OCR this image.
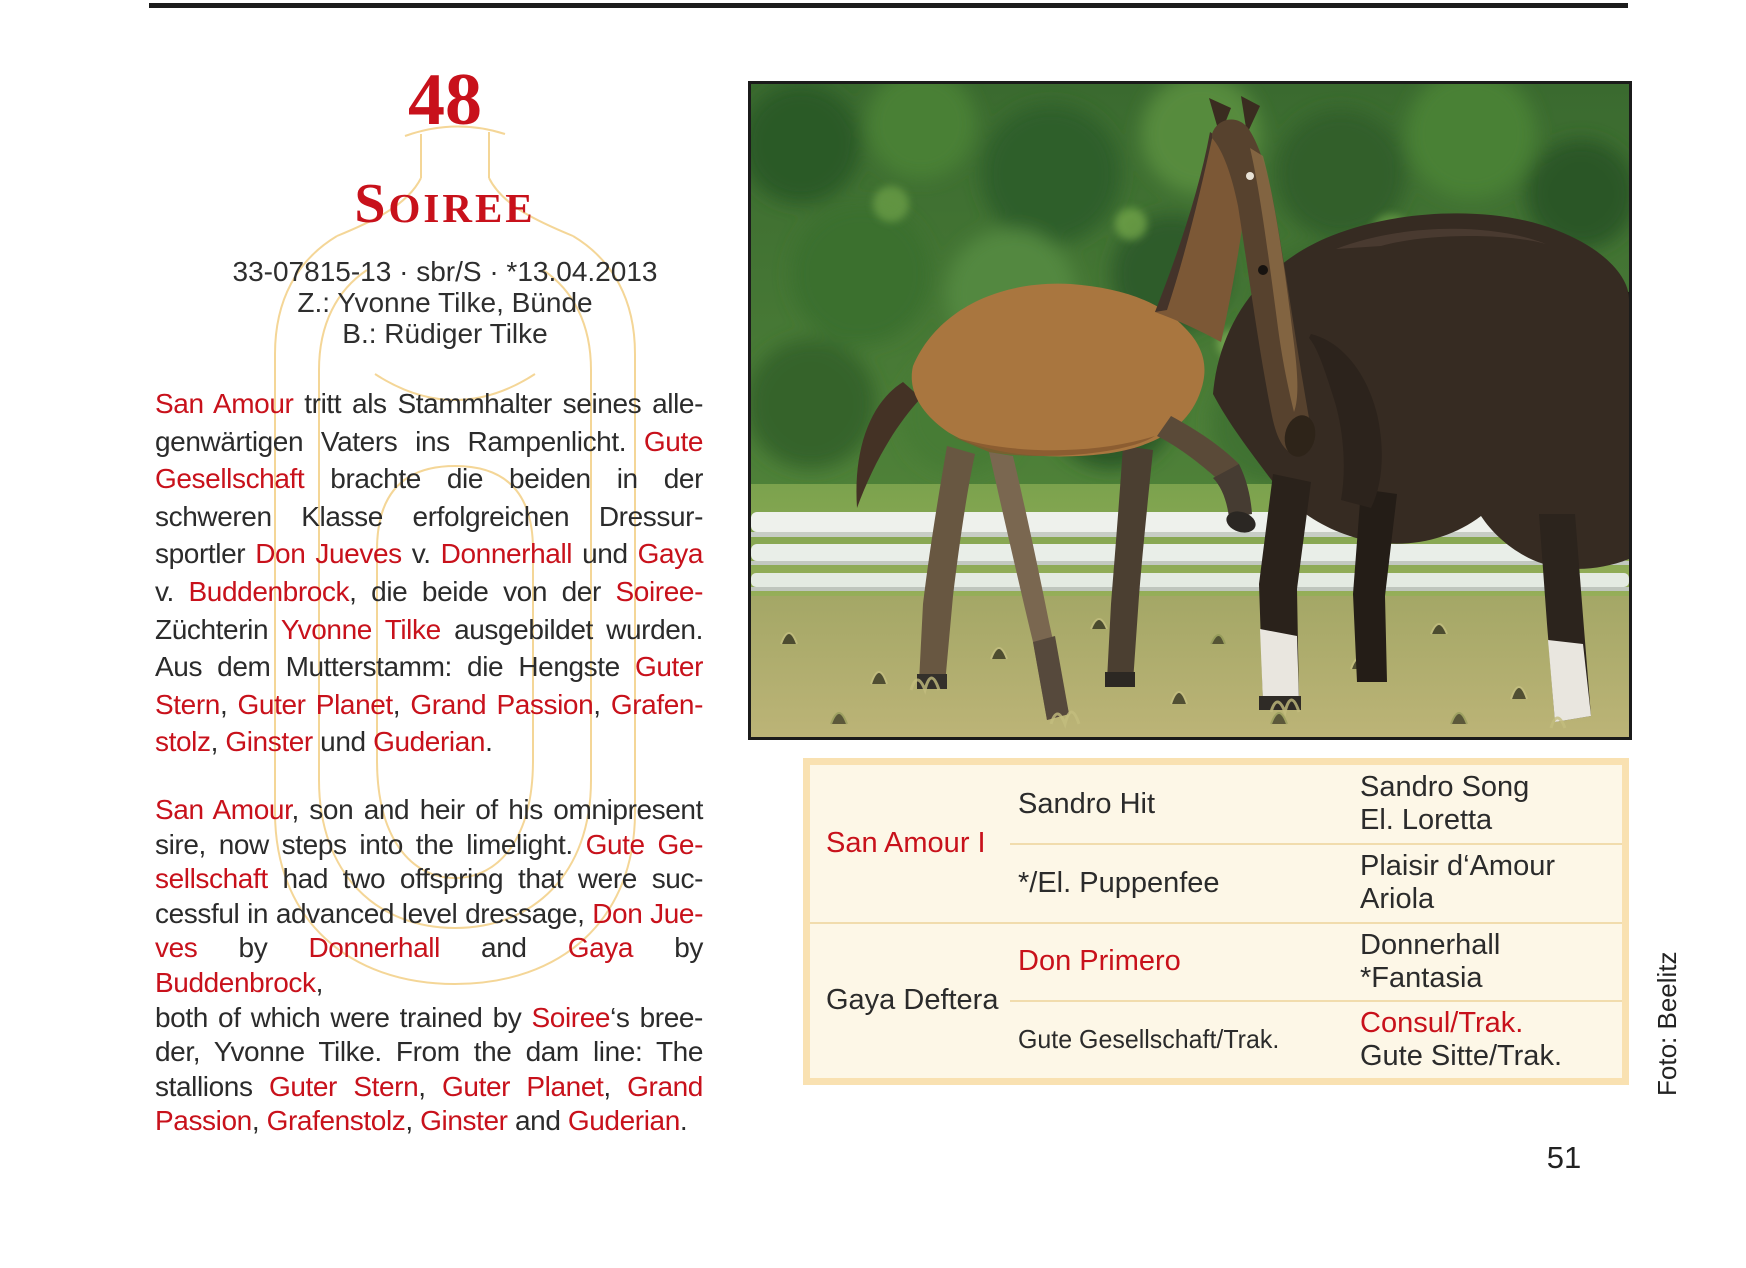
48
SOIREE
33-07815-13 · sbr/S · *13.04.2013
Z.: Yvonne Tilke, Bünde
B.: Rüdiger Tilke
San Amour tritt als Stammhalter seines alle-
genwärtigen Vaters ins Rampenlicht. Gute
Gesellschaft brachte die beiden in der
schweren Klasse erfolgreichen Dressur-
sportler Don Jueves v. Donnerhall und Gaya
v. Buddenbrock, die beide von der Soiree-
Züchterin Yvonne Tilke ausgebildet wurden.
Aus dem Mutterstamm: die Hengste Guter
Stern, Guter Planet, Grand Passion, Grafen-
stolz, Ginster und Guderian.
San Amour, son and heir of his omnipresent
sire, now steps into the limelight. Gute Ge-
sellschaft had two offspring that were suc-
cessful in advanced level dressage, Don Jue-
ves by Donnerhall and Gaya by Buddenbrock,
both of which were trained by Soiree‘s bree-
der, Yvonne Tilke. From the dam line: The
stallions Guter Stern, Guter Planet, Grand
Passion, Grafenstolz, Ginster and Guderian.
San Amour I
Sandro Hit
Sandro Song
El. Loretta
*/El. Puppenfee
Plaisir d‘Amour
Ariola
Gaya Deftera
Don Primero
Donnerhall
*Fantasia
Gute Gesellschaft/Trak.
Consul/Trak.
Gute Sitte/Trak.	Foto: Beelitz
51
